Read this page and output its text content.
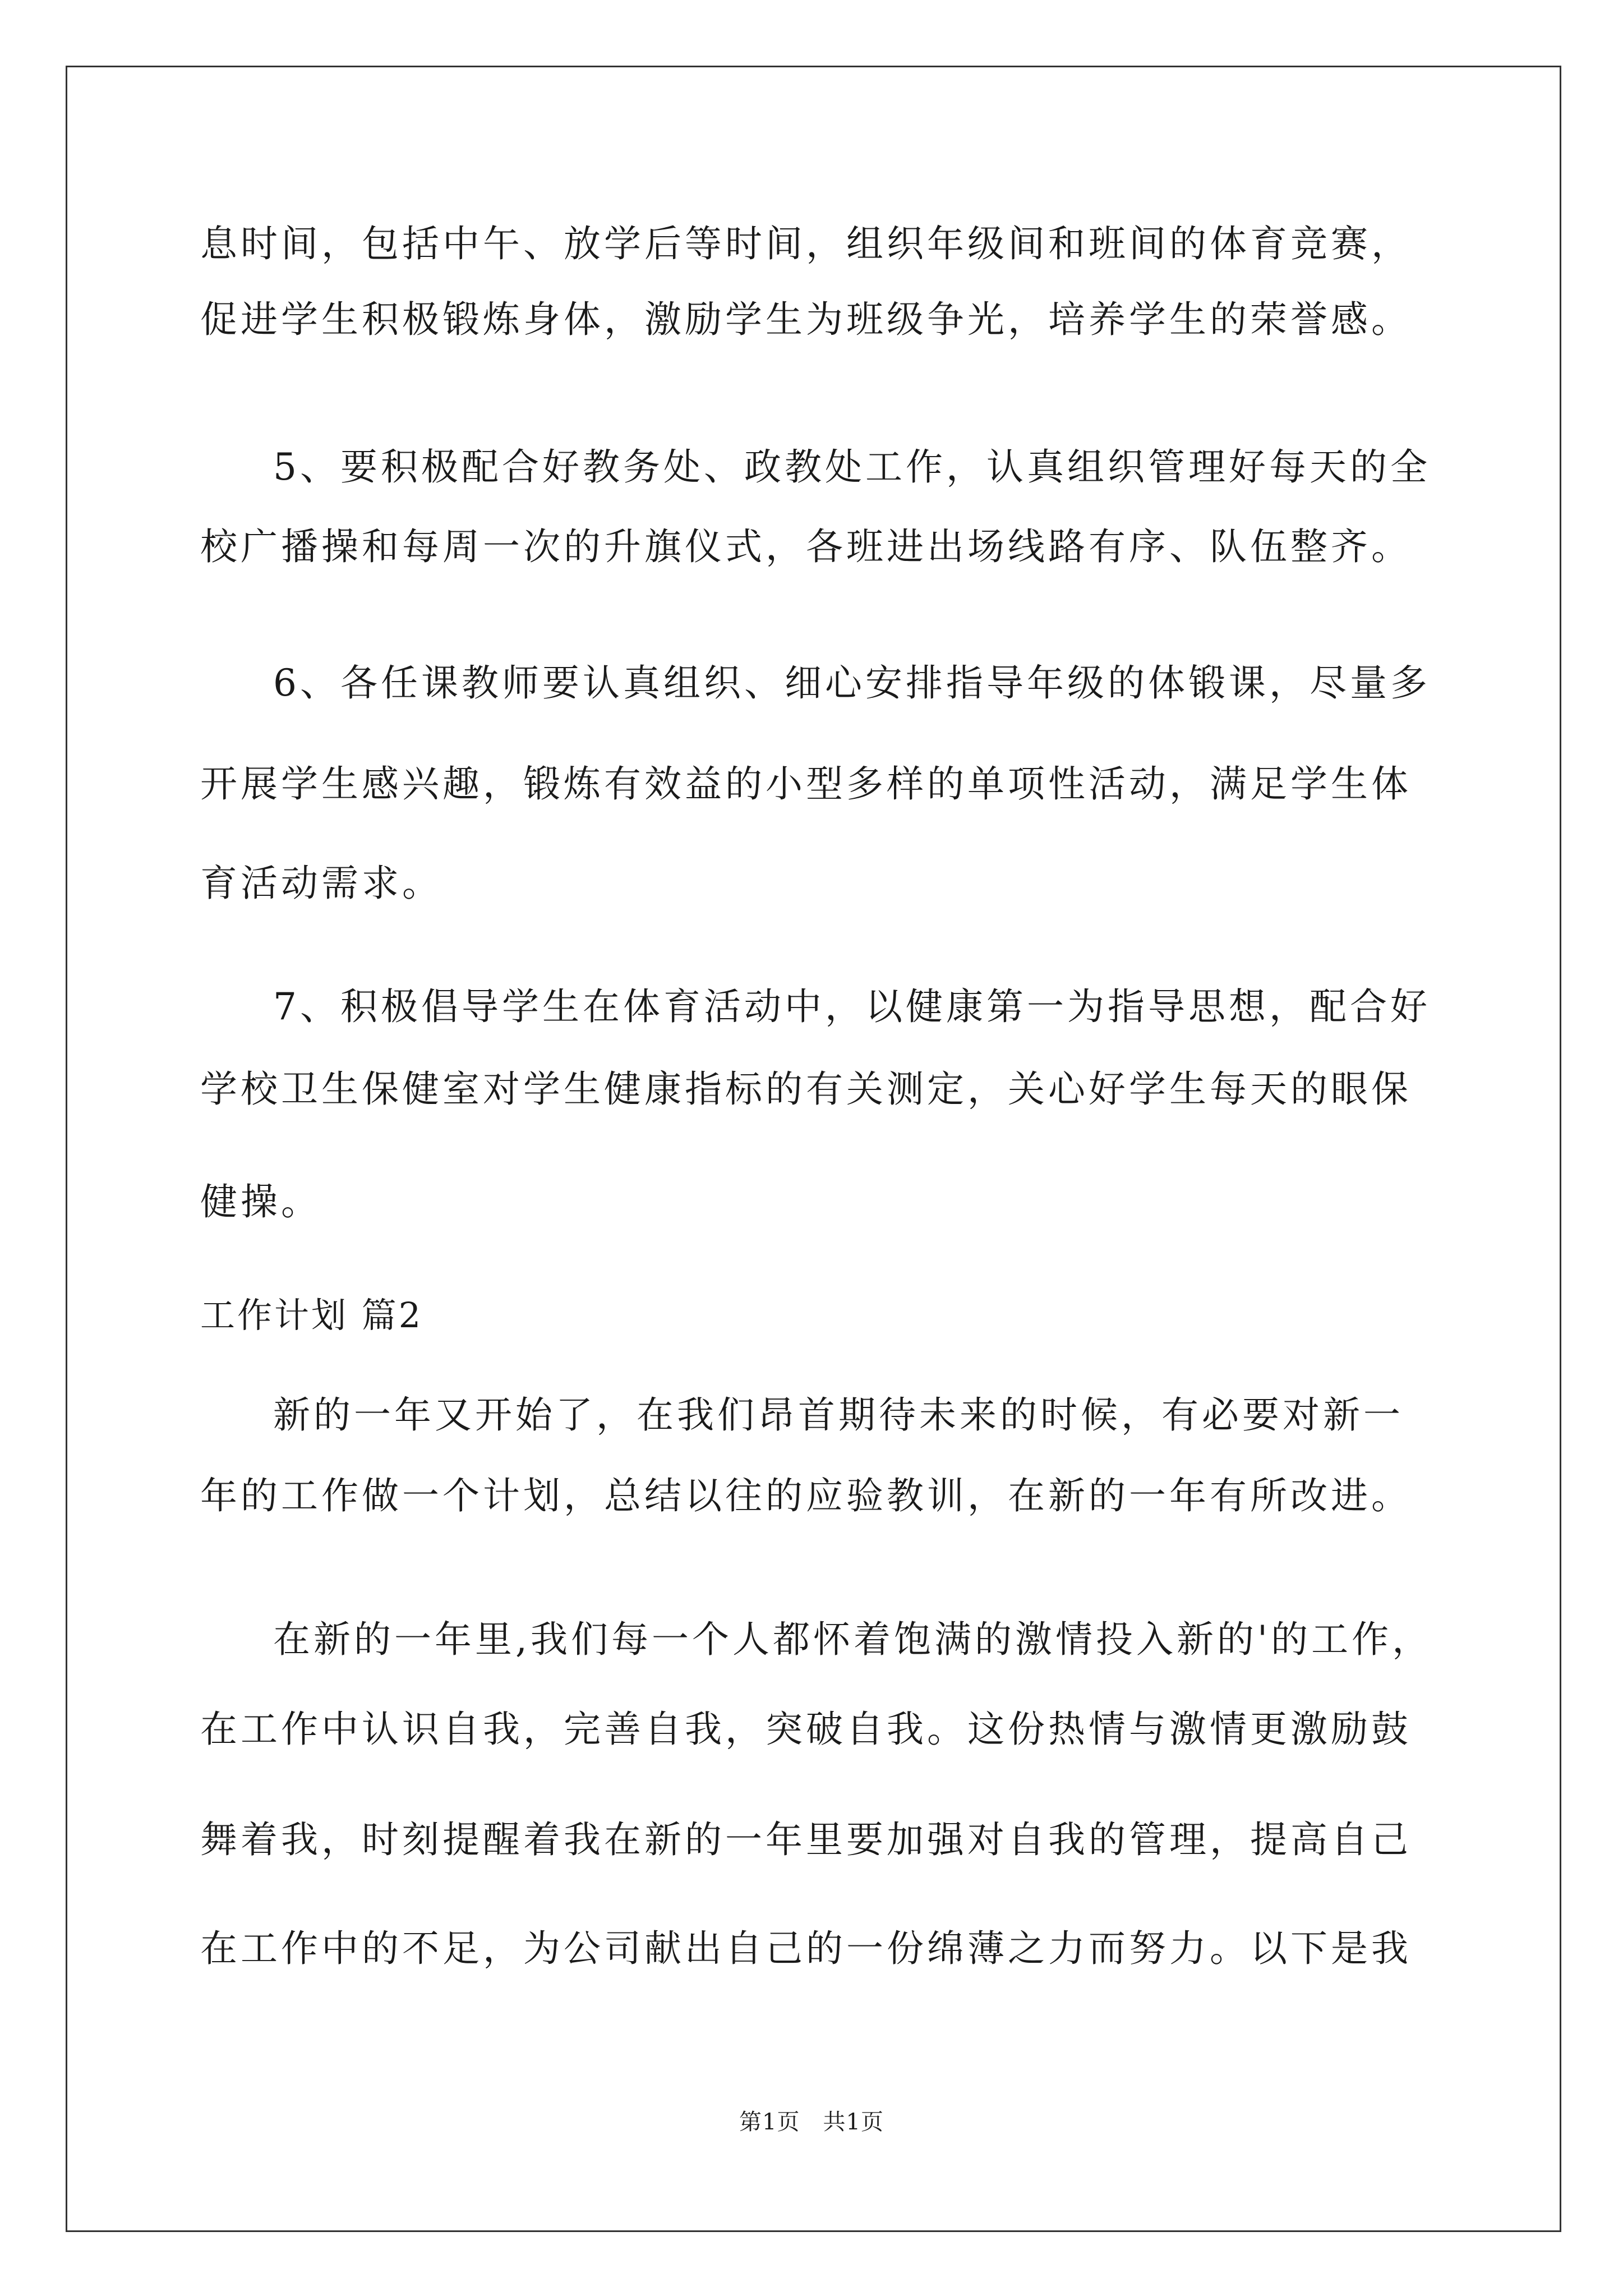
息时间，包括中午、放学后等时间，组织年级间和班间的体育竞赛，
促进学生积极锻炼身体，激励学生为班级争光，培养学生的荣誉感。
5、要积极配合好教务处、政教处工作，认真组织管理好每天的全
校广播操和每周一次的升旗仪式，各班进出场线路有序、队伍整齐。
6、各任课教师要认真组织、细心安排指导年级的体锻课，尽量多
开展学生感兴趣，锻炼有效益的小型多样的单项性活动，满足学生体
育活动需求。
7、积极倡导学生在体育活动中，以健康第一为指导思想，配合好
学校卫生保健室对学生健康指标的有关测定，关心好学生每天的眼保
健操。
工作计划 篇2
新的一年又开始了，在我们昂首期待未来的时候，有必要对新一
年的工作做一个计划，总结以往的应验教训，在新的一年有所改进。
在新的一年里,我们每一个人都怀着饱满的激情投入新的'的工作，
在工作中认识自我，完善自我，突破自我。这份热情与激情更激励鼓
舞着我，时刻提醒着我在新的一年里要加强对自我的管理，提高自己
在工作中的不足，为公司献出自己的一份绵薄之力而努力。以下是我
第1页　共1页
